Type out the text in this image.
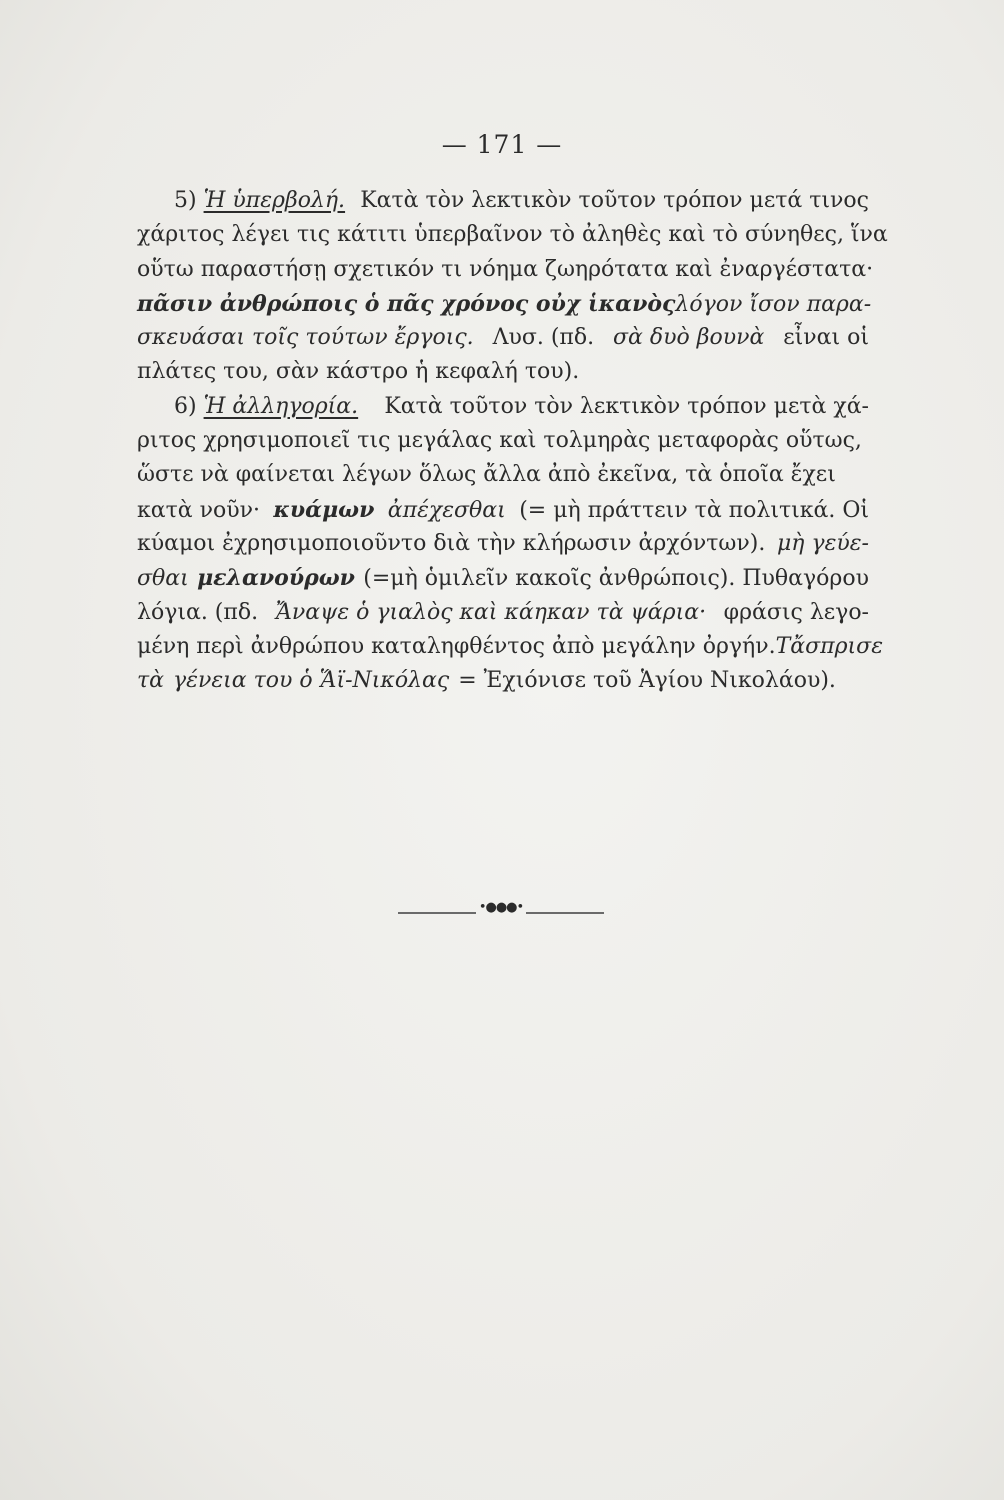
— 171 —
5) Ἡ ὑπερβολή. Κατὰ τὸν λεκτικὸν τοῦτον τρόπον μετά τινος
χάριτος λέγει τις κάτιτι ὑπερβαῖνον τὸ ἀληθὲς καὶ τὸ σύνηθες, ἵνα
οὕτω παραστήσῃ σχετικόν τι νόημα ζωηρότατα καὶ ἐναργέστατα·
πᾶσιν ἀνθρώποις ὁ πᾶς χρόνος οὐχ ἱκανὸς λόγον ἴσον παρα-
σκευάσαι τοῖς τούτων ἔργοις. Λυσ. (πδ. σὰ δυὸ βουνὰ εἶναι οἱ
πλάτες του, σὰν κάστρο ἡ κεφαλή του).
6) Ἡ ἀλληγορία. Κατὰ τοῦτον τὸν λεκτικὸν τρόπον μετὰ χά-
ριτος χρησιμοποιεῖ τις μεγάλας καὶ τολμηρὰς μεταφορὰς οὕτως,
ὥστε νὰ φαίνεται λέγων ὅλως ἄλλα ἀπὸ ἐκεῖνα, τὰ ὁποῖα ἔχει
κατὰ νοῦν· κυάμων ἀπέχεσθαι (= μὴ πράττειν τὰ πολιτικά. Οἱ
κύαμοι ἐχρησιμοποιοῦντο διὰ τὴν κλήρωσιν ἀρχόντων). μὴ γεύε-
σθαι μελανούρων (=μὴ ὁμιλεῖν κακοῖς ἀνθρώποις). Πυθαγόρου
λόγια. (πδ. Ἄναψε ὁ γιαλὸς καὶ κάηκαν τὰ ψάρια· φράσις λεγο-
μένη περὶ ἀνθρώπου καταληφθέντος ἀπὸ μεγάλην ὀργήν. Τἄσπρισε
τὰ γένεια του ὁ Ἅϊ-Νικόλας = Ἐχιόνισε τοῦ Ἁγίου Νικολάου).
•●●●•
